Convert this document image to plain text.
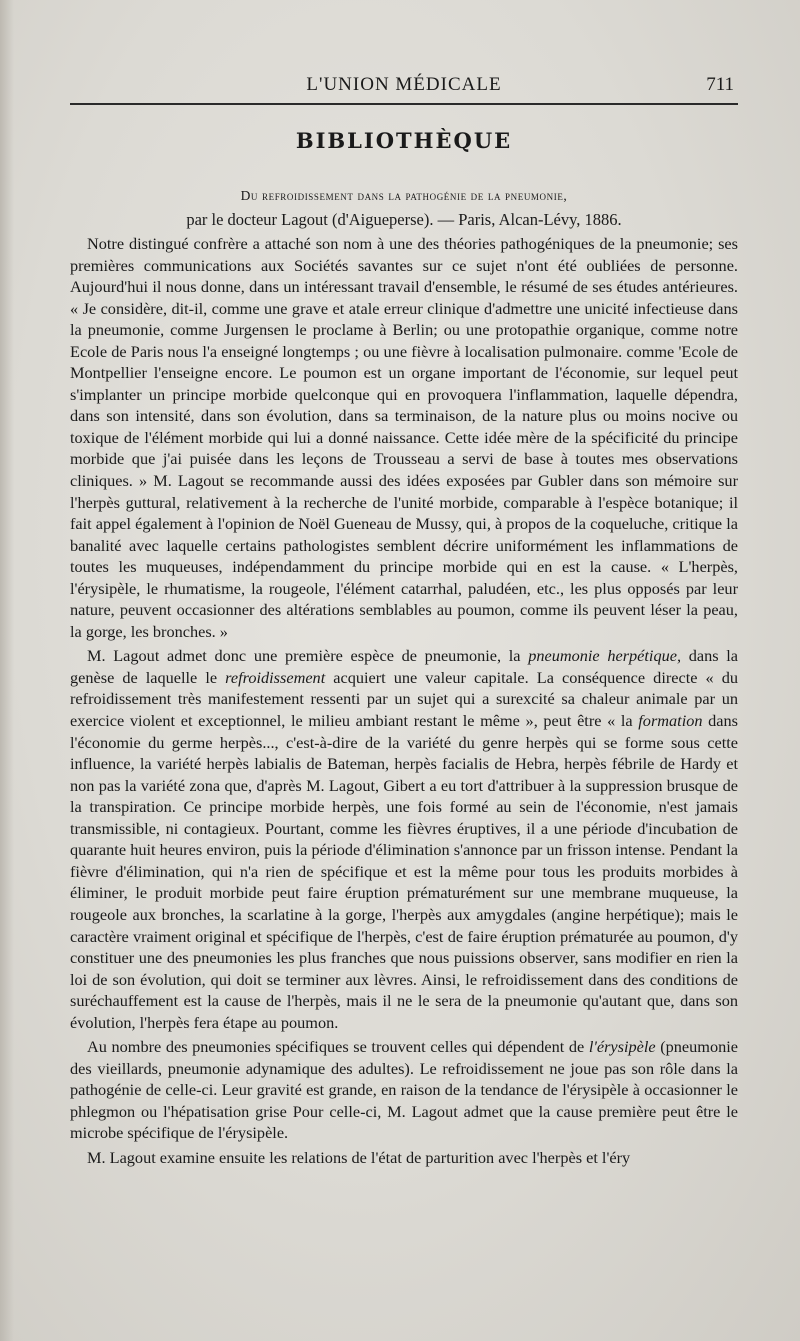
L'UNION MÉDICALE	711
BIBLIOTHÈQUE
Du refroidissement dans la pathogénie de la pneumonie,
par le docteur Lagout (d'Aigueperse). — Paris, Alcan-Lévy, 1886.

Notre distingué confrère a attaché son nom à une des théories pathogéniques de la pneumonie; ses premières communications aux Sociétés savantes sur ce sujet n'ont été oubliées de personne. Aujourd'hui il nous donne, dans un intéressant travail d'ensemble, le résumé de ses études antérieures. « Je considère, dit-il, comme une grave et atale erreur clinique d'admettre une unicité infectieuse dans la pneumonie, comme Jurgensen le proclame à Berlin; ou une protopathie organique, comme notre Ecole de Paris nous l'a enseigné longtemps ; ou une fièvre à localisation pulmonaire. comme 'Ecole de Montpellier l'enseigne encore. Le poumon est un organe important de l'économie, sur lequel peut s'implanter un principe morbide quelconque qui en provoquera l'inflammation, laquelle dépendra, dans son intensité, dans son évolution, dans sa terminaison, de la nature plus ou moins nocive ou toxique de l'élément morbide qui lui a donné naissance. Cette idée mère de la spécificité du principe morbide que j'ai puisée dans les leçons de Trousseau a servi de base à toutes mes observations cliniques. » M. Lagout se recommande aussi des idées exposées par Gubler dans son mémoire sur l'herpès guttural, relativement à la recherche de l'unité morbide, comparable à l'espèce botanique; il fait appel également à l'opinion de Noël Gueneau de Mussy, qui, à propos de la coqueluche, critique la banalité avec laquelle certains pathologistes semblent décrire uniformément les inflammations de toutes les muqueuses, indépendamment du principe morbide qui en est la cause. « L'herpès, l'érysipèle, le rhumatisme, la rougeole, l'élément catarrhal, paludéen, etc., les plus opposés par leur nature, peuvent occasionner des altérations semblables au poumon, comme ils peuvent léser la peau, la gorge, les bronches. »

M. Lagout admet donc une première espèce de pneumonie, la pneumonie herpétique, dans la genèse de laquelle le refroidissement acquiert une valeur capitale. La conséquence directe « du refroidissement très manifestement ressenti par un sujet qui a surexcité sa chaleur animale par un exercice violent et exceptionnel, le milieu ambiant restant le même », peut être « la formation dans l'économie du germe herpès..., c'est-à-dire de la variété du genre herpès qui se forme sous cette influence, la variété herpès labialis de Bateman, herpès facialis de Hebra, herpès fébrile de Hardy et non pas la variété zona que, d'après M. Lagout, Gibert a eu tort d'attribuer à la suppression brusque de la transpiration. Ce principe morbide herpès, une fois formé au sein de l'économie, n'est jamais transmissible, ni contagieux. Pourtant, comme les fièvres éruptives, il a une période d'incubation de quarante huit heures environ, puis la période d'élimination s'annonce par un frisson intense. Pendant la fièvre d'élimination, qui n'a rien de spécifique et est la même pour tous les produits morbides à éliminer, le produit morbide peut faire éruption prématurément sur une membrane muqueuse, la rougeole aux bronches, la scarlatine à la gorge, l'herpès aux amygdales (angine herpétique); mais le caractère vraiment original et spécifique de l'herpès, c'est de faire éruption prématurée au poumon, d'y constituer une des pneumonies les plus franches que nous puissions observer, sans modifier en rien la loi de son évolution, qui doit se terminer aux lèvres. Ainsi, le refroidissement dans des conditions de suréchauffement est la cause de l'herpès, mais il ne le sera de la pneumonie qu'autant que, dans son évolution, l'herpès fera étape au poumon.

Au nombre des pneumonies spécifiques se trouvent celles qui dépendent de l'érysipèle (pneumonie des vieillards, pneumonie adynamique des adultes). Le refroidissement ne joue pas son rôle dans la pathogénie de celle-ci. Leur gravité est grande, en raison de la tendance de l'érysipèle à occasionner le phlegmon ou l'hépatisation grise Pour celle-ci, M. Lagout admet que la cause première peut être le microbe spécifique de l'érysipèle.

M. Lagout examine ensuite les relations de l'état de parturition avec l'herpès et l'éry
